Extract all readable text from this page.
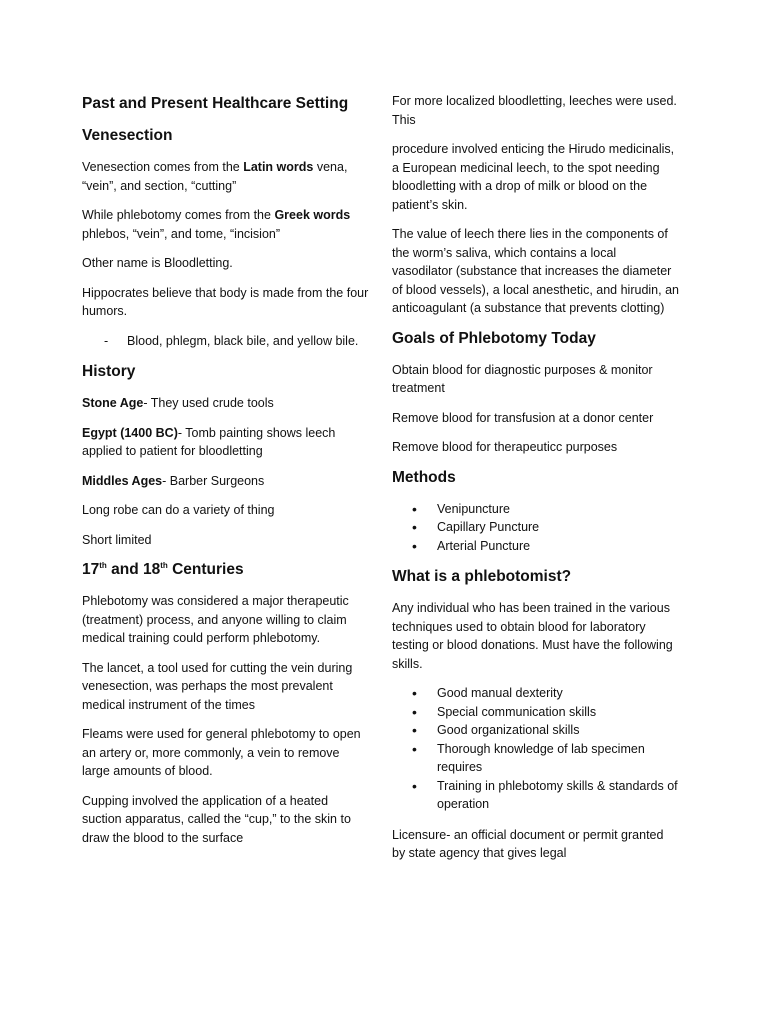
Past and Present Healthcare Setting
Venesection

Venesection comes from the Latin words vena, “vein”, and section, “cutting”

While phlebotomy comes from the Greek words phlebos, “vein”, and tome, “incision”

Other name is Bloodletting.

Hippocrates believe that body is made from the four humors.

-	Blood, phlegm, black bile, and yellow bile.
History

Stone Age- They used crude tools

Egypt (1400 BC)- Tomb painting shows leech applied to patient for bloodletting

Middles Ages- Barber Surgeons

Long robe can do a variety of thing

Short limited

17th and 18th Centuries

Phlebotomy was considered a major therapeutic (treatment) process, and anyone willing to claim medical training could perform phlebotomy.

The lancet, a tool used for cutting the vein during venesection, was perhaps the most prevalent medical instrument of the times

Fleams were used for general phlebotomy to open an artery or, more commonly, a vein to remove large amounts of blood.

Cupping involved the application of a heated suction apparatus, called the “cup,” to the skin to draw the blood to the surface

For more localized bloodletting, leeches were used. This

procedure involved enticing the Hirudo medicinalis, a European medicinal leech, to the spot needing bloodletting with a drop of milk or blood on the patient’s skin.

The value of leech there lies in the components of the worm’s saliva, which contains a local vasodilator (substance that increases the diameter of blood vessels), a local anesthetic, and hirudin, an anticoagulant (a substance that prevents clotting)

Goals of Phlebotomy Today

Obtain blood for diagnostic purposes & monitor treatment

Remove blood for transfusion at a donor center

Remove blood for therapeuticc purposes

Methods
•	Venipuncture
•	Capillary Puncture
•	Arterial Puncture
What is a phlebotomist?

Any individual who has been trained in the various techniques used to obtain blood for laboratory testing or blood donations. Must have the following skills.

•	Good manual dexterity
•	Special communication skills
•	Good organizational skills
•	Thorough knowledge of lab specimen requires
•	Training in phlebotomy skills & standards of operation

Licensure- an official document or permit granted by state agency that gives legal
